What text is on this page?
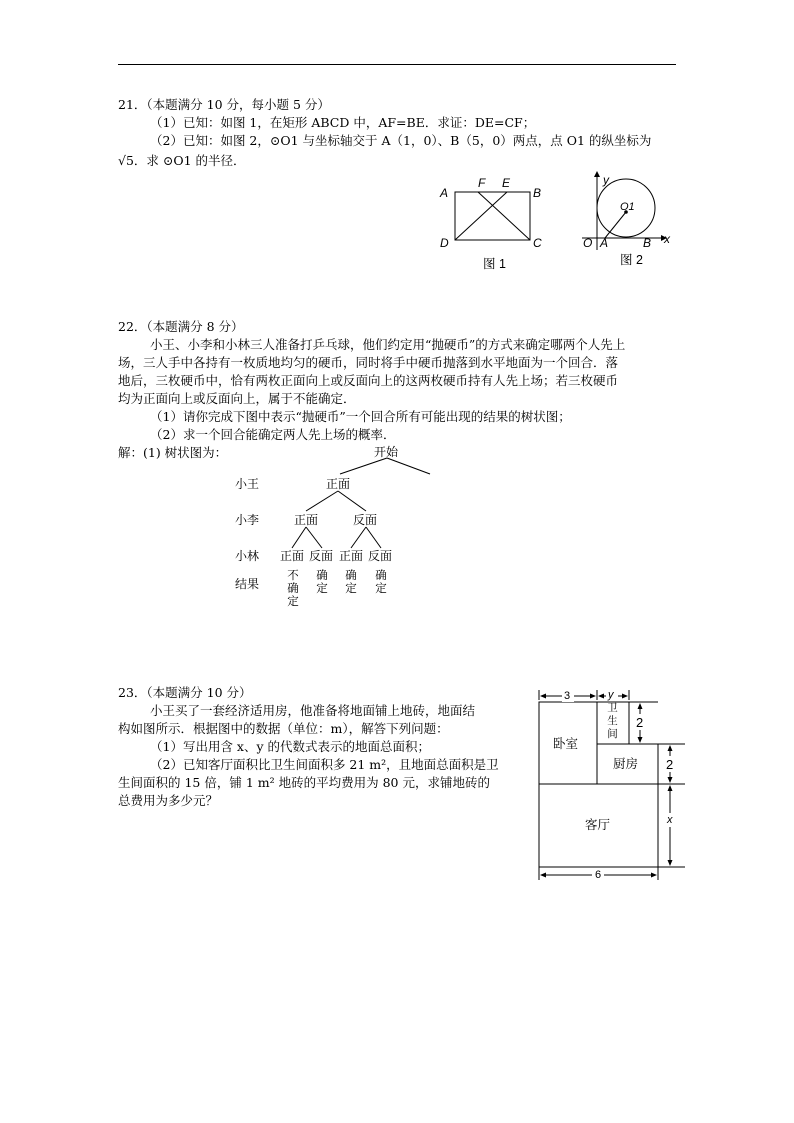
21．（本题满分 10 分，每小题 5 分）
（1）已知：如图 1，在矩形 ABCD 中，AF=BE．求证：DE=CF；
（2）已知：如图 2，⊙O1 与坐标轴交于 A（1，0）、B（5，0）两点，点 O1 的纵坐标为
√5．求 ⊙O1 的半径．
A	B
C
D
F E
图 1
y
x
O A	B
O1
图 2
22．（本题满分 8 分）
小王、小李和小林三人准备打乒乓球，他们约定用“抛硬币”的方式来确定哪两个人先上
场，三人手中各持有一枚质地均匀的硬币，同时将手中硬币抛落到水平地面为一个回合．落
地后，三枚硬币中，恰有两枚正面向上或反面向上的这两枚硬币持有人先上场；若三枚硬币
均为正面向上或反面向上，属于不能确定．
（1）请你完成下图中表示“抛硬币”一个回合所有可能出现的结果的树状图；
（2）求一个回合能确定两人先上场的概率．
解：(1) 树状图为：	开始
小王
小李
小林
结果
正面
正面	反面
正面 反面 正面 反面
不确定
确定
确定
确定
23．（本题满分 10 分）
小王买了一套经济适用房，他准备将地面铺上地砖，地面结
构如图所示．根据图中的数据（单位：m），解答下列问题：
（1）写出用含 x、y 的代数式表示的地面总面积；
（2）已知客厅面积比卫生间面积多 21 m²，且地面总面积是卫
生间面积的 15 倍，铺 1 m² 地砖的平均费用为 80 元，求铺地砖的
总费用为多少元？
3	y
2
2
x
6
卧室
厨房
客厅
卫生间
